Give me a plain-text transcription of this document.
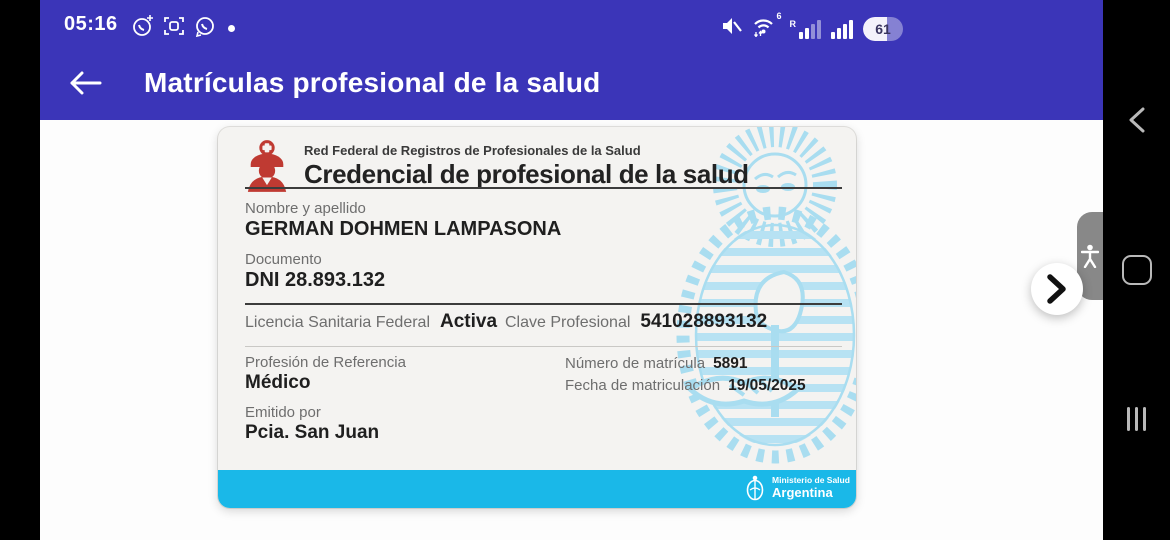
05:16	6
R	61
Matrículas profesional de la salud
Red Federal de Registros de Profesionales de la Salud
Credencial de profesional de la salud
Nombre y apellido
GERMAN DOHMEN LAMPASONA
Documento
DNI 28.893.132
Licencia Sanitaria Federal Activa Clave Profesional 541028893132
Profesión de Referencia
Médico
Número de matrícula 5891
Fecha de matriculación 19/05/2025
Emitido por
Pcia. San Juan
Ministerio de Salud
Argentina
